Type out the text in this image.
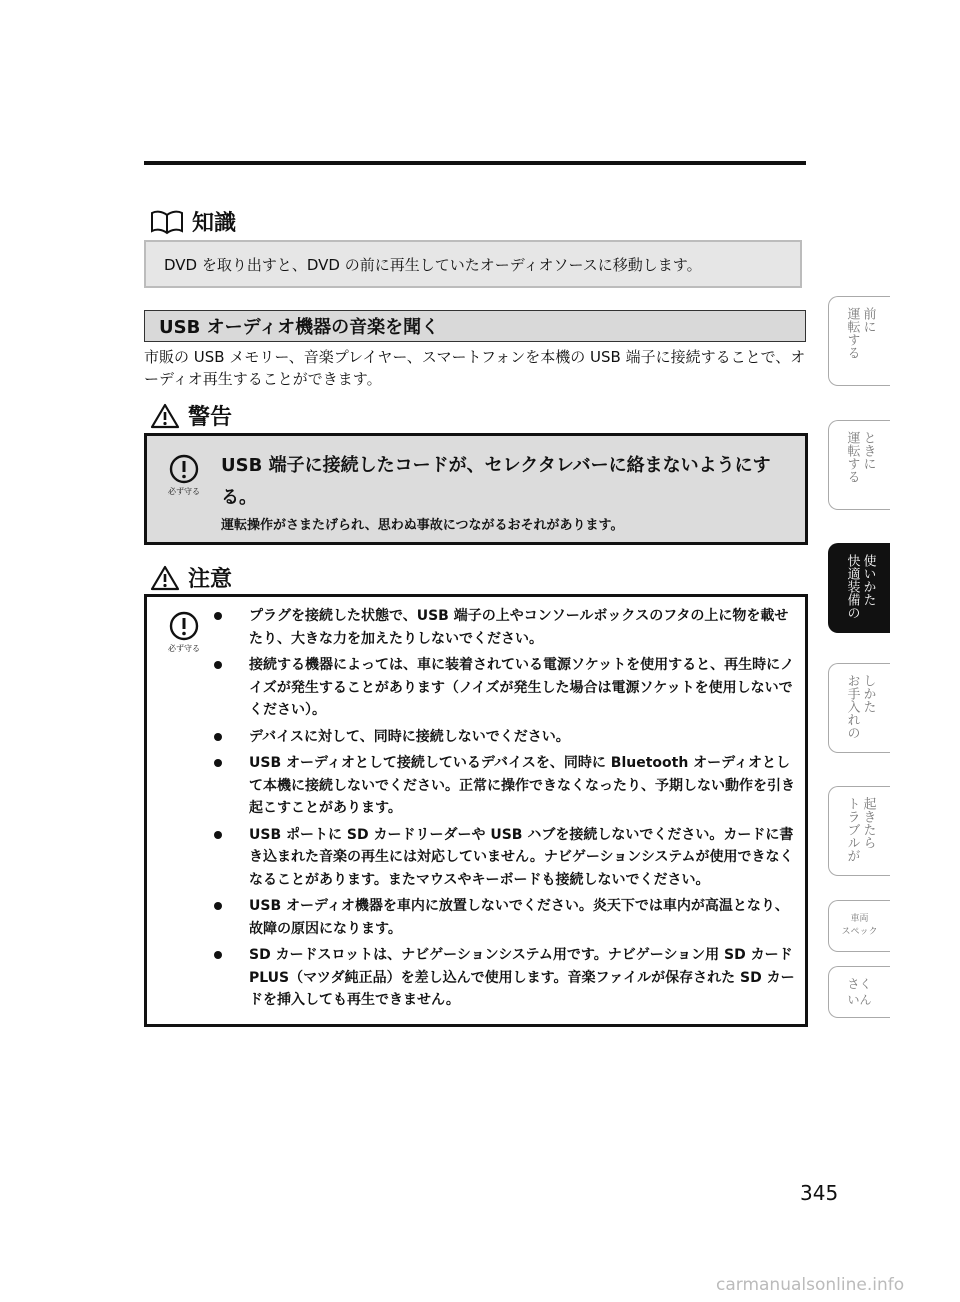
知識
DVD を取り出すと、DVD の前に再生していたオーディオソースに移動します。
USB オーディオ機器の音楽を聞く
市販の USB メモリー、音楽プレイヤー、スマートフォンを本機の USB 端子に接続することで、オーディオ再生することができます。
警告
必ず守る
USB 端子に接続したコードが、セレクタレバーに絡まないようにする。
運転操作がさまたげられ、思わぬ事故につながるおそれがあります。
注意
必ず守る
プラグを接続した状態で、USB 端子の上やコンソールボックスのフタの上に物を載せたり、大きな力を加えたりしないでください。
接続する機器によっては、車に装着されている電源ソケットを使用すると、再生時にノイズが発生することがあります（ノイズが発生した場合は電源ソケットを使用しないでください）。
デバイスに対して、同時に接続しないでください。
USB オーディオとして接続しているデバイスを、同時に Bluetooth オーディオとして本機に接続しないでください。正常に操作できなくなったり、予期しない動作を引き起こすことがあります。
USB ポートに SD カードリーダーや USB ハブを接続しないでください。カードに書き込まれた音楽の再生には対応していません。ナビゲーションシステムが使用できなくなることがあります。またマウスやキーボードも接続しないでください。
USB オーディオ機器を車内に放置しないでください。炎天下では車内が高温となり、故障の原因になります。
SD カードスロットは、ナビゲーションシステム用です。ナビゲーション用 SD カード PLUS（マツダ純正品）を差し込んで使用します。音楽ファイルが保存された SD カードを挿入しても再生できません。
運転する 前に
運転する ときに
快適装備の 使いかた
お手入れの しかた
トラブルが 起きたら
車両
スペック
さく
いん
345
carmanualsonline.info
